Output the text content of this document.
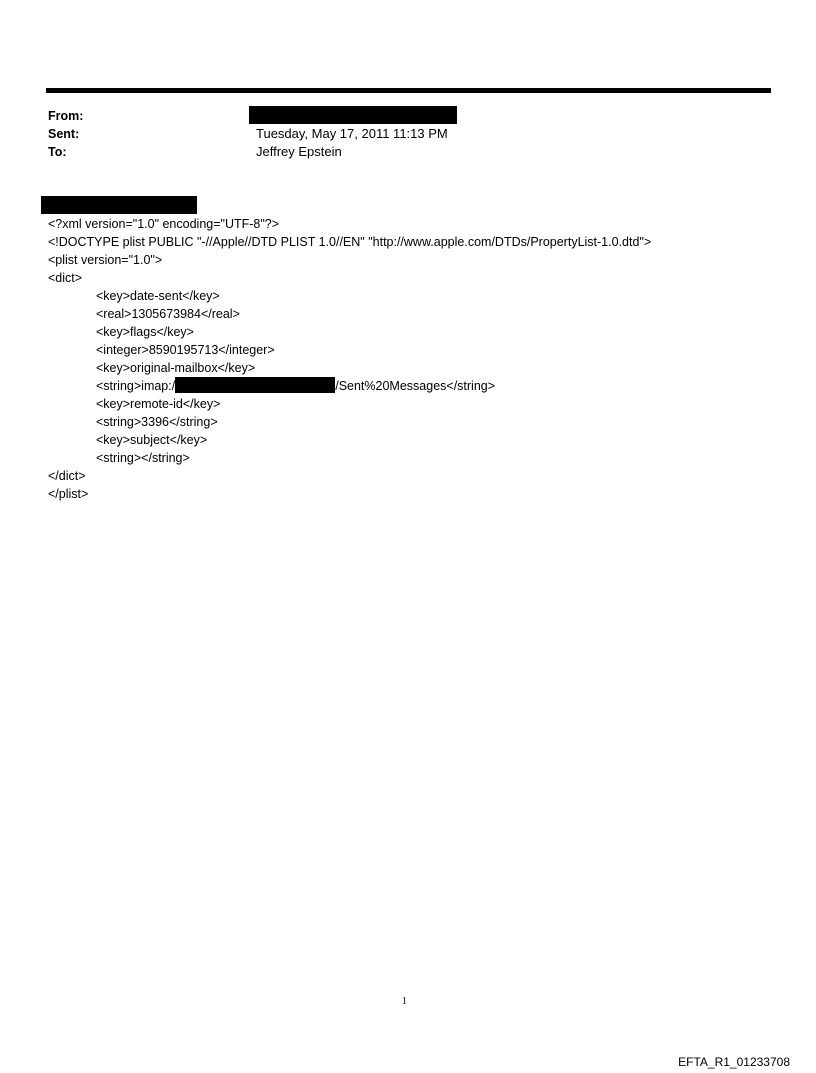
From:
Sent:	Tuesday, May 17, 2011 11:13 PM
To:	Jeffrey Epstein
<?xml version="1.0" encoding="UTF-8"?>
<!DOCTYPE plist PUBLIC "-//Apple//DTD PLIST 1.0//EN" "http://www.apple.com/DTDs/PropertyList-1.0.dtd">
<plist version="1.0">
<dict>
<key>date-sent</key>
<real>1305673984</real>
<key>flags</key>
<integer>8590195713</integer>
<key>original-mailbox</key>
<string>imap:/	/Sent%20Messages</string>
<key>remote-id</key>
<string>3396</string>
<key>subject</key>
<string></string>
</dict>
</plist>
1
EFTA_R1_01233708
